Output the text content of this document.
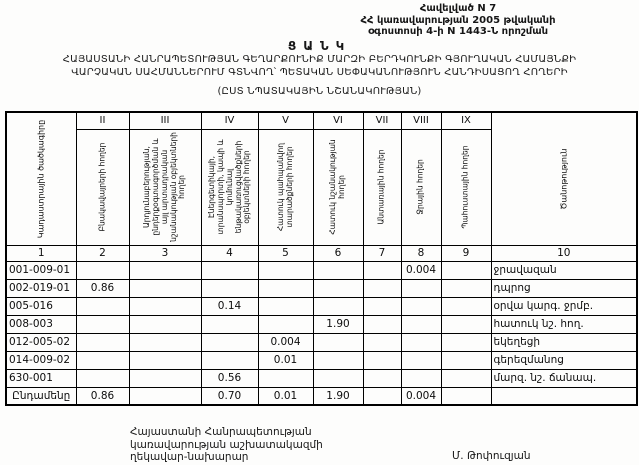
Հավելված N 7
ՀՀ կառավարության 2005 թվականի
օգոստոսի 4-ի N 1443-Ն որոշման
ՑԱՆԿ
ՀԱՅԱՍՏԱՆԻ ՀԱՆՐԱՊԵՏՈՒԹՅԱՆ ԳԵՂԱՐՔՈՒՆԻՔ ՄԱՐԶԻ ԲԵՐԴԿՈՒՆՔԻ ԳՅՈՒՂԱԿԱՆ ՀԱՄԱՅՆՔԻ
ՎԱՐՉԱԿԱՆ ՍԱՀՄԱՆՆԵՐՈՒՄ ԳՏՆՎՈՂ՝ ՊԵՏԱԿԱՆ ՍԵՓԱԿԱՆՈՒԹՅՈՒՆ ՀԱՆԴԻՍԱՑՈՂ ՀՈՂԵՐԻ
(ԸՍՏ ՆՊԱՏԱԿԱՅԻՆ ՆՇԱՆԱԿՈՒԹՅԱՆ)
Կադաստրային ծածկագիրը	II	III	IV	V	VI	VII	VIII	IX	Ծանոթություն

	Բնակավայրերի հողեր	Արդյունաբերության, ընդերքօգտագործման և այլ արտադրական նշանակության օբյեկտների հողեր	Էներգետիկայի, տրանսպորտի, կապի և կոմունալ ենթակառուցվածքների օբյեկտների հողեր	Հատուկ պահպանվող տարածքների հողեր	Հատուկ նշանակության հողեր	Անտառային հողեր	Ջրային հողեր	Պահուստային հողեր	

1	2	3	4	5	6	7	8	9	10
001-009-01							0.004		ջրավազան
002-019-01	0.86								դպրոց
005-016			0.14						օրվա կարգ. ջրմբ.
008-003					1.90				հատուկ նշ. հող.
012-005-02				0.004					եկեղեցի
014-009-02				0.01					գերեզմանոց
630-001			0.56						մարզ. նշ. ճանապ.
Ընդամենը	0.86		0.70	0.01	1.90		0.004		
Հայաստանի Հանրապետության
կառավարության աշխատակազմի
ղեկավար-նախարար	Մ. Թոփուզյան
